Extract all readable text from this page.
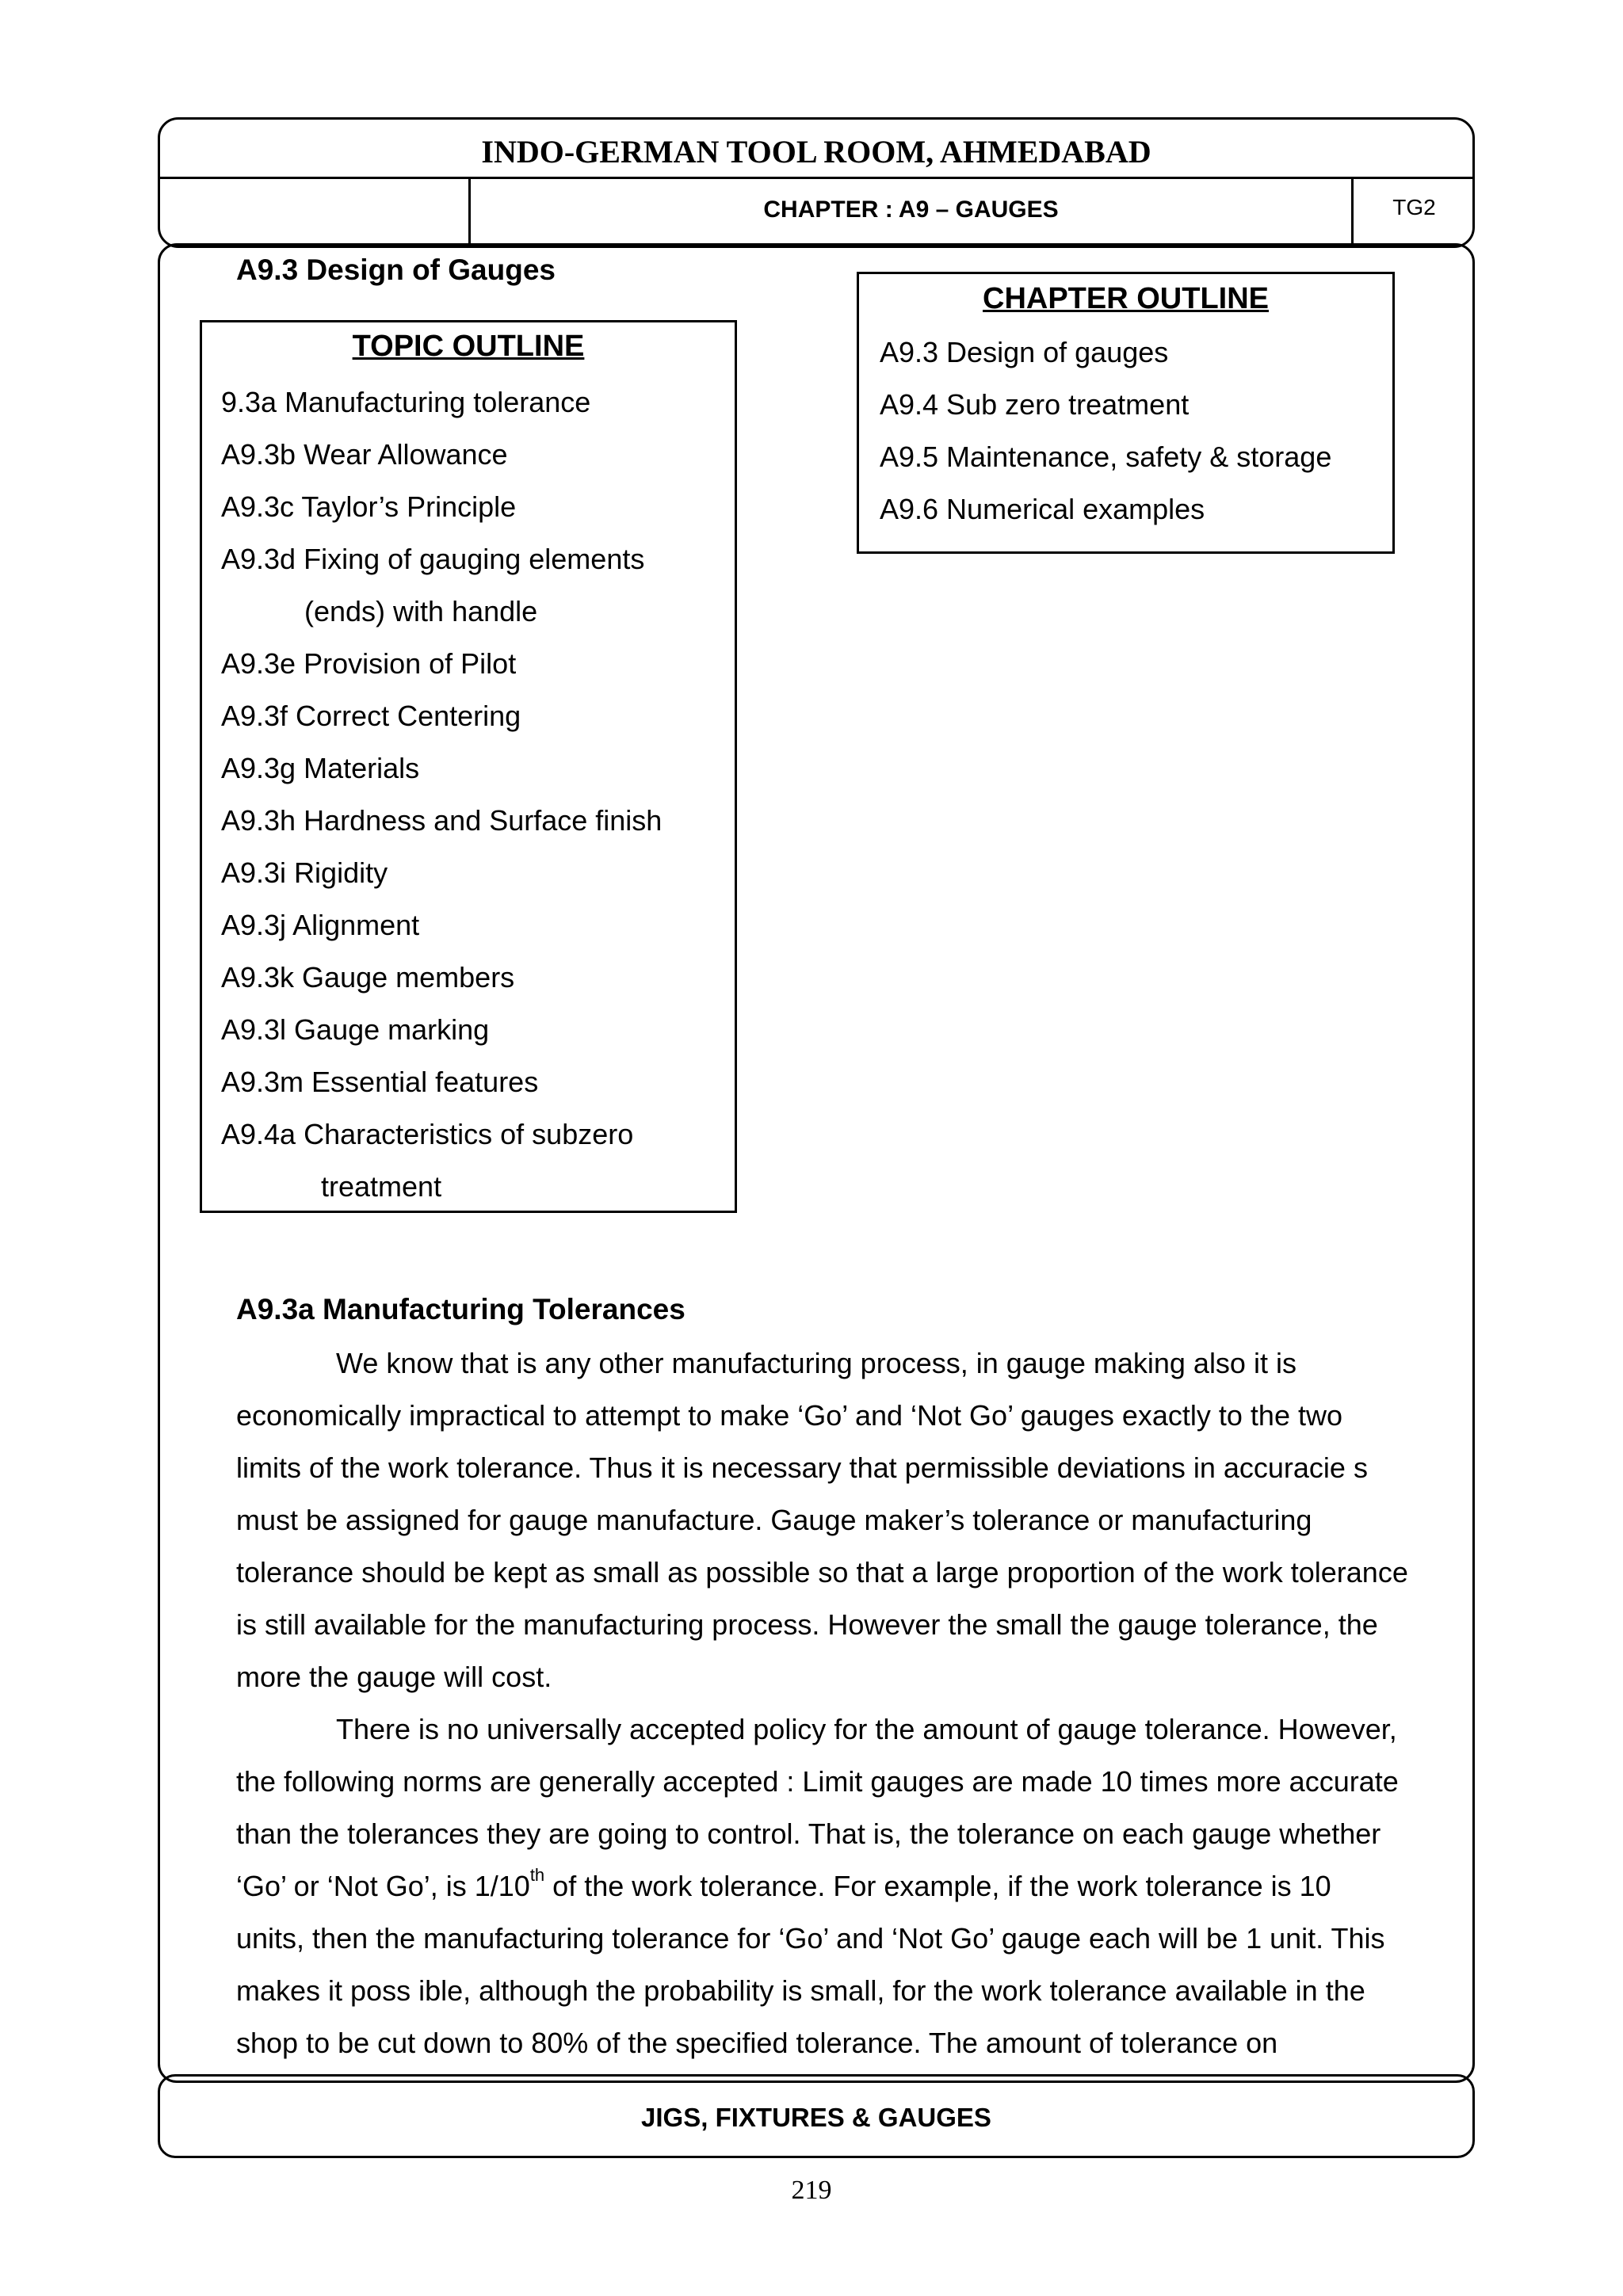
INDO-GERMAN TOOL ROOM, AHMEDABAD
CHAPTER : A9 – GAUGES	TG2
A9.3 Design of Gauges
TOPIC OUTLINE
9.3a Manufacturing tolerance
A9.3b Wear Allowance
A9.3c Taylor’s Principle
A9.3d Fixing of gauging elements
(ends) with handle
A9.3e Provision of Pilot
A9.3f Correct Centering
A9.3g Materials
A9.3h Hardness and Surface finish
A9.3i Rigidity
A9.3j Alignment
A9.3k Gauge members
A9.3l Gauge marking
A9.3m Essential features
A9.4a Characteristics of subzero
treatment
CHAPTER OUTLINE
A9.3 Design of gauges
A9.4 Sub zero treatment
A9.5 Maintenance, safety & storage
A9.6 Numerical examples
A9.3a Manufacturing Tolerances
We know that is any other manufacturing process, in gauge making also it is
economically impractical to attempt to make ‘Go’ and ‘Not Go’ gauges exactly to the two
limits of the work tolerance. Thus it is necessary that permissible deviations in accuracie s
must be assigned for gauge manufacture. Gauge maker’s tolerance or manufacturing
tolerance should be kept as small as possible so that a large proportion of the work tolerance
is still available for the manufacturing process. However the small the gauge tolerance, the
more the gauge will cost.
There is no universally accepted policy for the amount of gauge tolerance. However,
the following norms are generally accepted : Limit gauges are made 10 times more accurate
than the tolerances they are going to control. That is, the tolerance on each gauge whether
‘Go’ or ‘Not Go’, is 1/10th of the work tolerance. For example, if the work tolerance is 10
units, then the manufacturing tolerance for ‘Go’ and ‘Not Go’ gauge each will be 1 unit. This
makes it poss ible, although the probability is small, for the work tolerance available in the
shop to be cut down to 80% of the specified tolerance. The amount of tolerance on
JIGS, FIXTURES & GAUGES
219
